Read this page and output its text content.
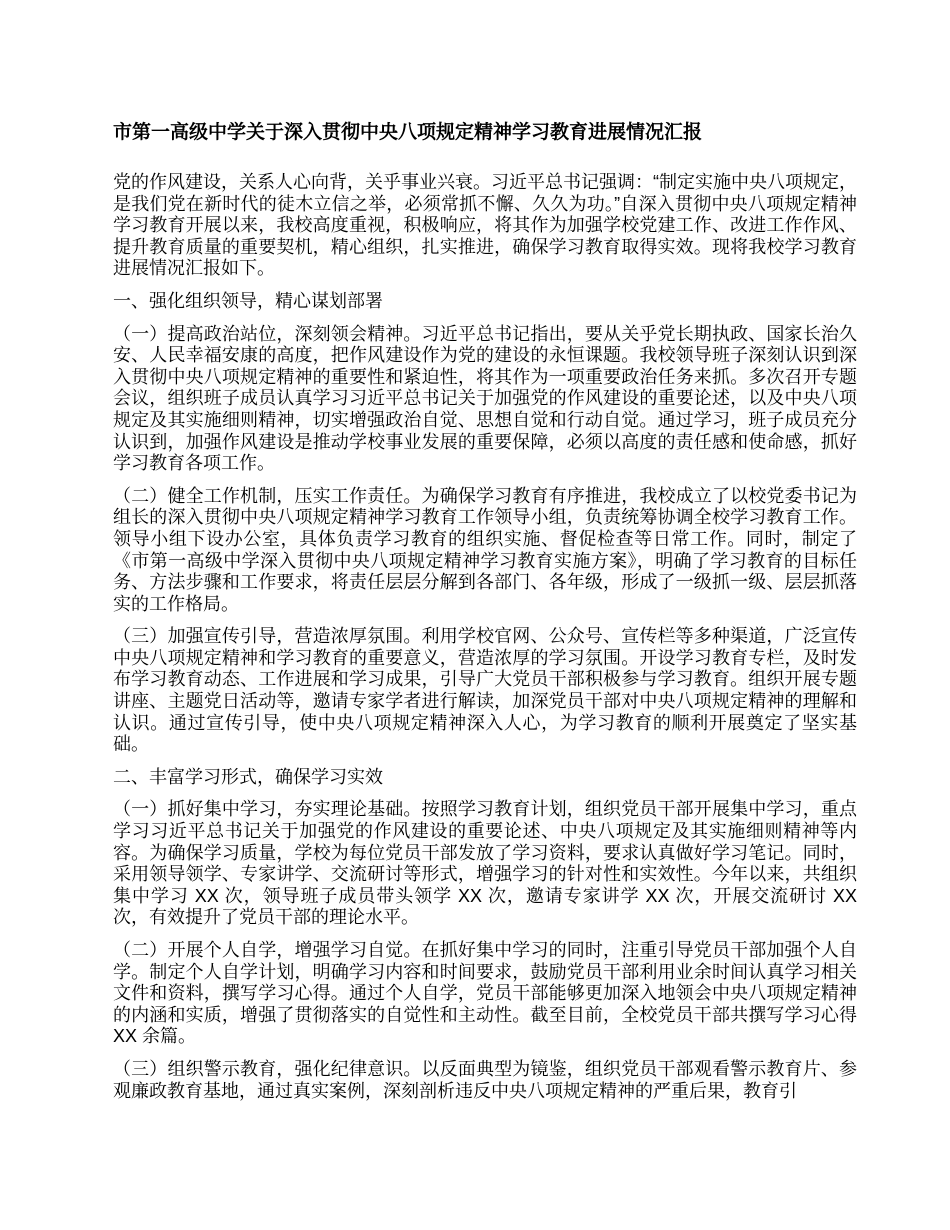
市第一高级中学关于深入贯彻中央八项规定精神学习教育进展情况汇报

党的作风建设，关系人心向背，关乎事业兴衰。习近平总书记强调：“制定实施中央八项规定，是我们党在新时代的徒木立信之举，必须常抓不懈、久久为功。”自深入贯彻中央八项规定精神学习教育开展以来，我校高度重视，积极响应，将其作为加强学校党建工作、改进工作作风、提升教育质量的重要契机，精心组织，扎实推进，确保学习教育取得实效。现将我校学习教育进展情况汇报如下。

一、强化组织领导，精心谋划部署

（一）提高政治站位，深刻领会精神。习近平总书记指出，要从关乎党长期执政、国家长治久安、人民幸福安康的高度，把作风建设作为党的建设的永恒课题。我校领导班子深刻认识到深入贯彻中央八项规定精神的重要性和紧迫性，将其作为一项重要政治任务来抓。多次召开专题会议，组织班子成员认真学习习近平总书记关于加强党的作风建设的重要论述，以及中央八项规定及其实施细则精神，切实增强政治自觉、思想自觉和行动自觉。通过学习，班子成员充分认识到，加强作风建设是推动学校事业发展的重要保障，必须以高度的责任感和使命感，抓好学习教育各项工作。

（二）健全工作机制，压实工作责任。为确保学习教育有序推进，我校成立了以校党委书记为组长的深入贯彻中央八项规定精神学习教育工作领导小组，负责统筹协调全校学习教育工作。领导小组下设办公室，具体负责学习教育的组织实施、督促检查等日常工作。同时，制定了《市第一高级中学深入贯彻中央八项规定精神学习教育实施方案》，明确了学习教育的目标任务、方法步骤和工作要求，将责任层层分解到各部门、各年级，形成了一级抓一级、层层抓落实的工作格局。

（三）加强宣传引导，营造浓厚氛围。利用学校官网、公众号、宣传栏等多种渠道，广泛宣传中央八项规定精神和学习教育的重要意义，营造浓厚的学习氛围。开设学习教育专栏，及时发布学习教育动态、工作进展和学习成果，引导广大党员干部积极参与学习教育。组织开展专题讲座、主题党日活动等，邀请专家学者进行解读，加深党员干部对中央八项规定精神的理解和认识。通过宣传引导，使中央八项规定精神深入人心，为学习教育的顺利开展奠定了坚实基础。

二、丰富学习形式，确保学习实效

（一）抓好集中学习，夯实理论基础。按照学习教育计划，组织党员干部开展集中学习，重点学习习近平总书记关于加强党的作风建设的重要论述、中央八项规定及其实施细则精神等内容。为确保学习质量，学校为每位党员干部发放了学习资料，要求认真做好学习笔记。同时，采用领导领学、专家讲学、交流研讨等形式，增强学习的针对性和实效性。今年以来，共组织集中学习 XX 次，领导班子成员带头领学 XX 次，邀请专家讲学 XX 次，开展交流研讨 XX 次，有效提升了党员干部的理论水平。

（二）开展个人自学，增强学习自觉。在抓好集中学习的同时，注重引导党员干部加强个人自学。制定个人自学计划，明确学习内容和时间要求，鼓励党员干部利用业余时间认真学习相关文件和资料，撰写学习心得。通过个人自学，党员干部能够更加深入地领会中央八项规定精神的内涵和实质，增强了贯彻落实的自觉性和主动性。截至目前，全校党员干部共撰写学习心得 XX 余篇。

（三）组织警示教育，强化纪律意识。以反面典型为镜鉴，组织党员干部观看警示教育片、参观廉政教育基地，通过真实案例，深刻剖析违反中央八项规定精神的严重后果，教育引
